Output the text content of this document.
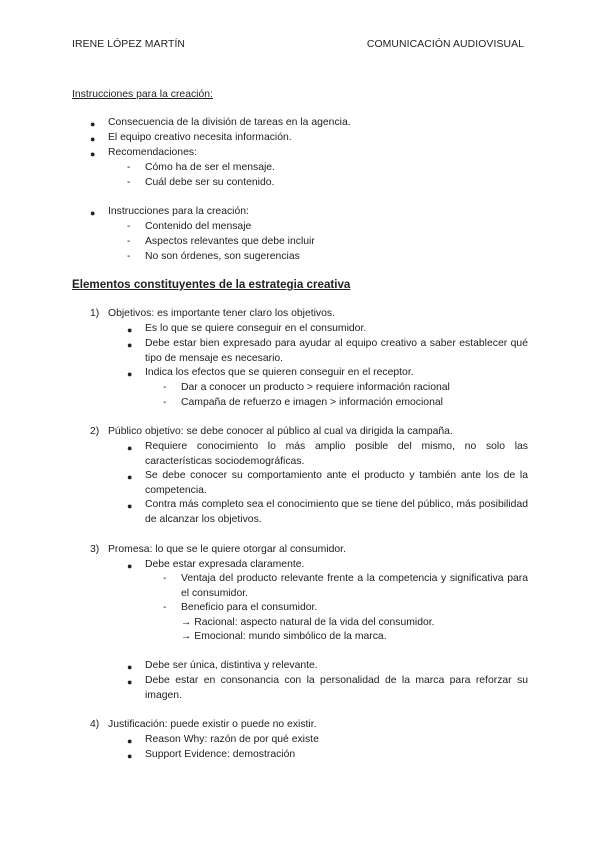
IRENE LÓPEZ MARTÍN	COMUNICACIÓN AUDIOVISUAL
Instrucciones para la creación:
● Consecuencia de la división de tareas en la agencia.
● El equipo creativo necesita información.
● Recomendaciones:
- Cómo ha de ser el mensaje.
- Cuál debe ser su contenido.
● Instrucciones para la creación:
- Contenido del mensaje
- Aspectos relevantes que debe incluir
- No son órdenes, son sugerencias
Elementos constituyentes de la estrategia creativa
1) Objetivos: es importante tener claro los objetivos.
● Es lo que se quiere conseguir en el consumidor.
● Debe estar bien expresado para ayudar al equipo creativo a saber establecer qué tipo de mensaje es necesario.
● Indica los efectos que se quieren conseguir en el receptor.
- Dar a conocer un producto > requiere información racional
- Campaña de refuerzo e imagen > información emocional
2) Público objetivo: se debe conocer al público al cual va dirigida la campaña.
● Requiere conocimiento lo más amplio posible del mismo, no solo las características sociodemográficas.
● Se debe conocer su comportamiento ante el producto y también ante los de la competencia.
● Contra más completo sea el conocimiento que se tiene del público, más posibilidad de alcanzar los objetivos.
3) Promesa: lo que se le quiere otorgar al consumidor.
● Debe estar expresada claramente.
- Ventaja del producto relevante frente a la competencia y significativa para el consumidor.
- Beneficio para el consumidor.
→ Racional: aspecto natural de la vida del consumidor.
→ Emocional: mundo simbólico de la marca.
● Debe ser única, distintiva y relevante.
● Debe estar en consonancia con la personalidad de la marca para reforzar su imagen.
4) Justificación: puede existir o puede no existir.
● Reason Why: razón de por qué existe
● Support Evidence: demostración
